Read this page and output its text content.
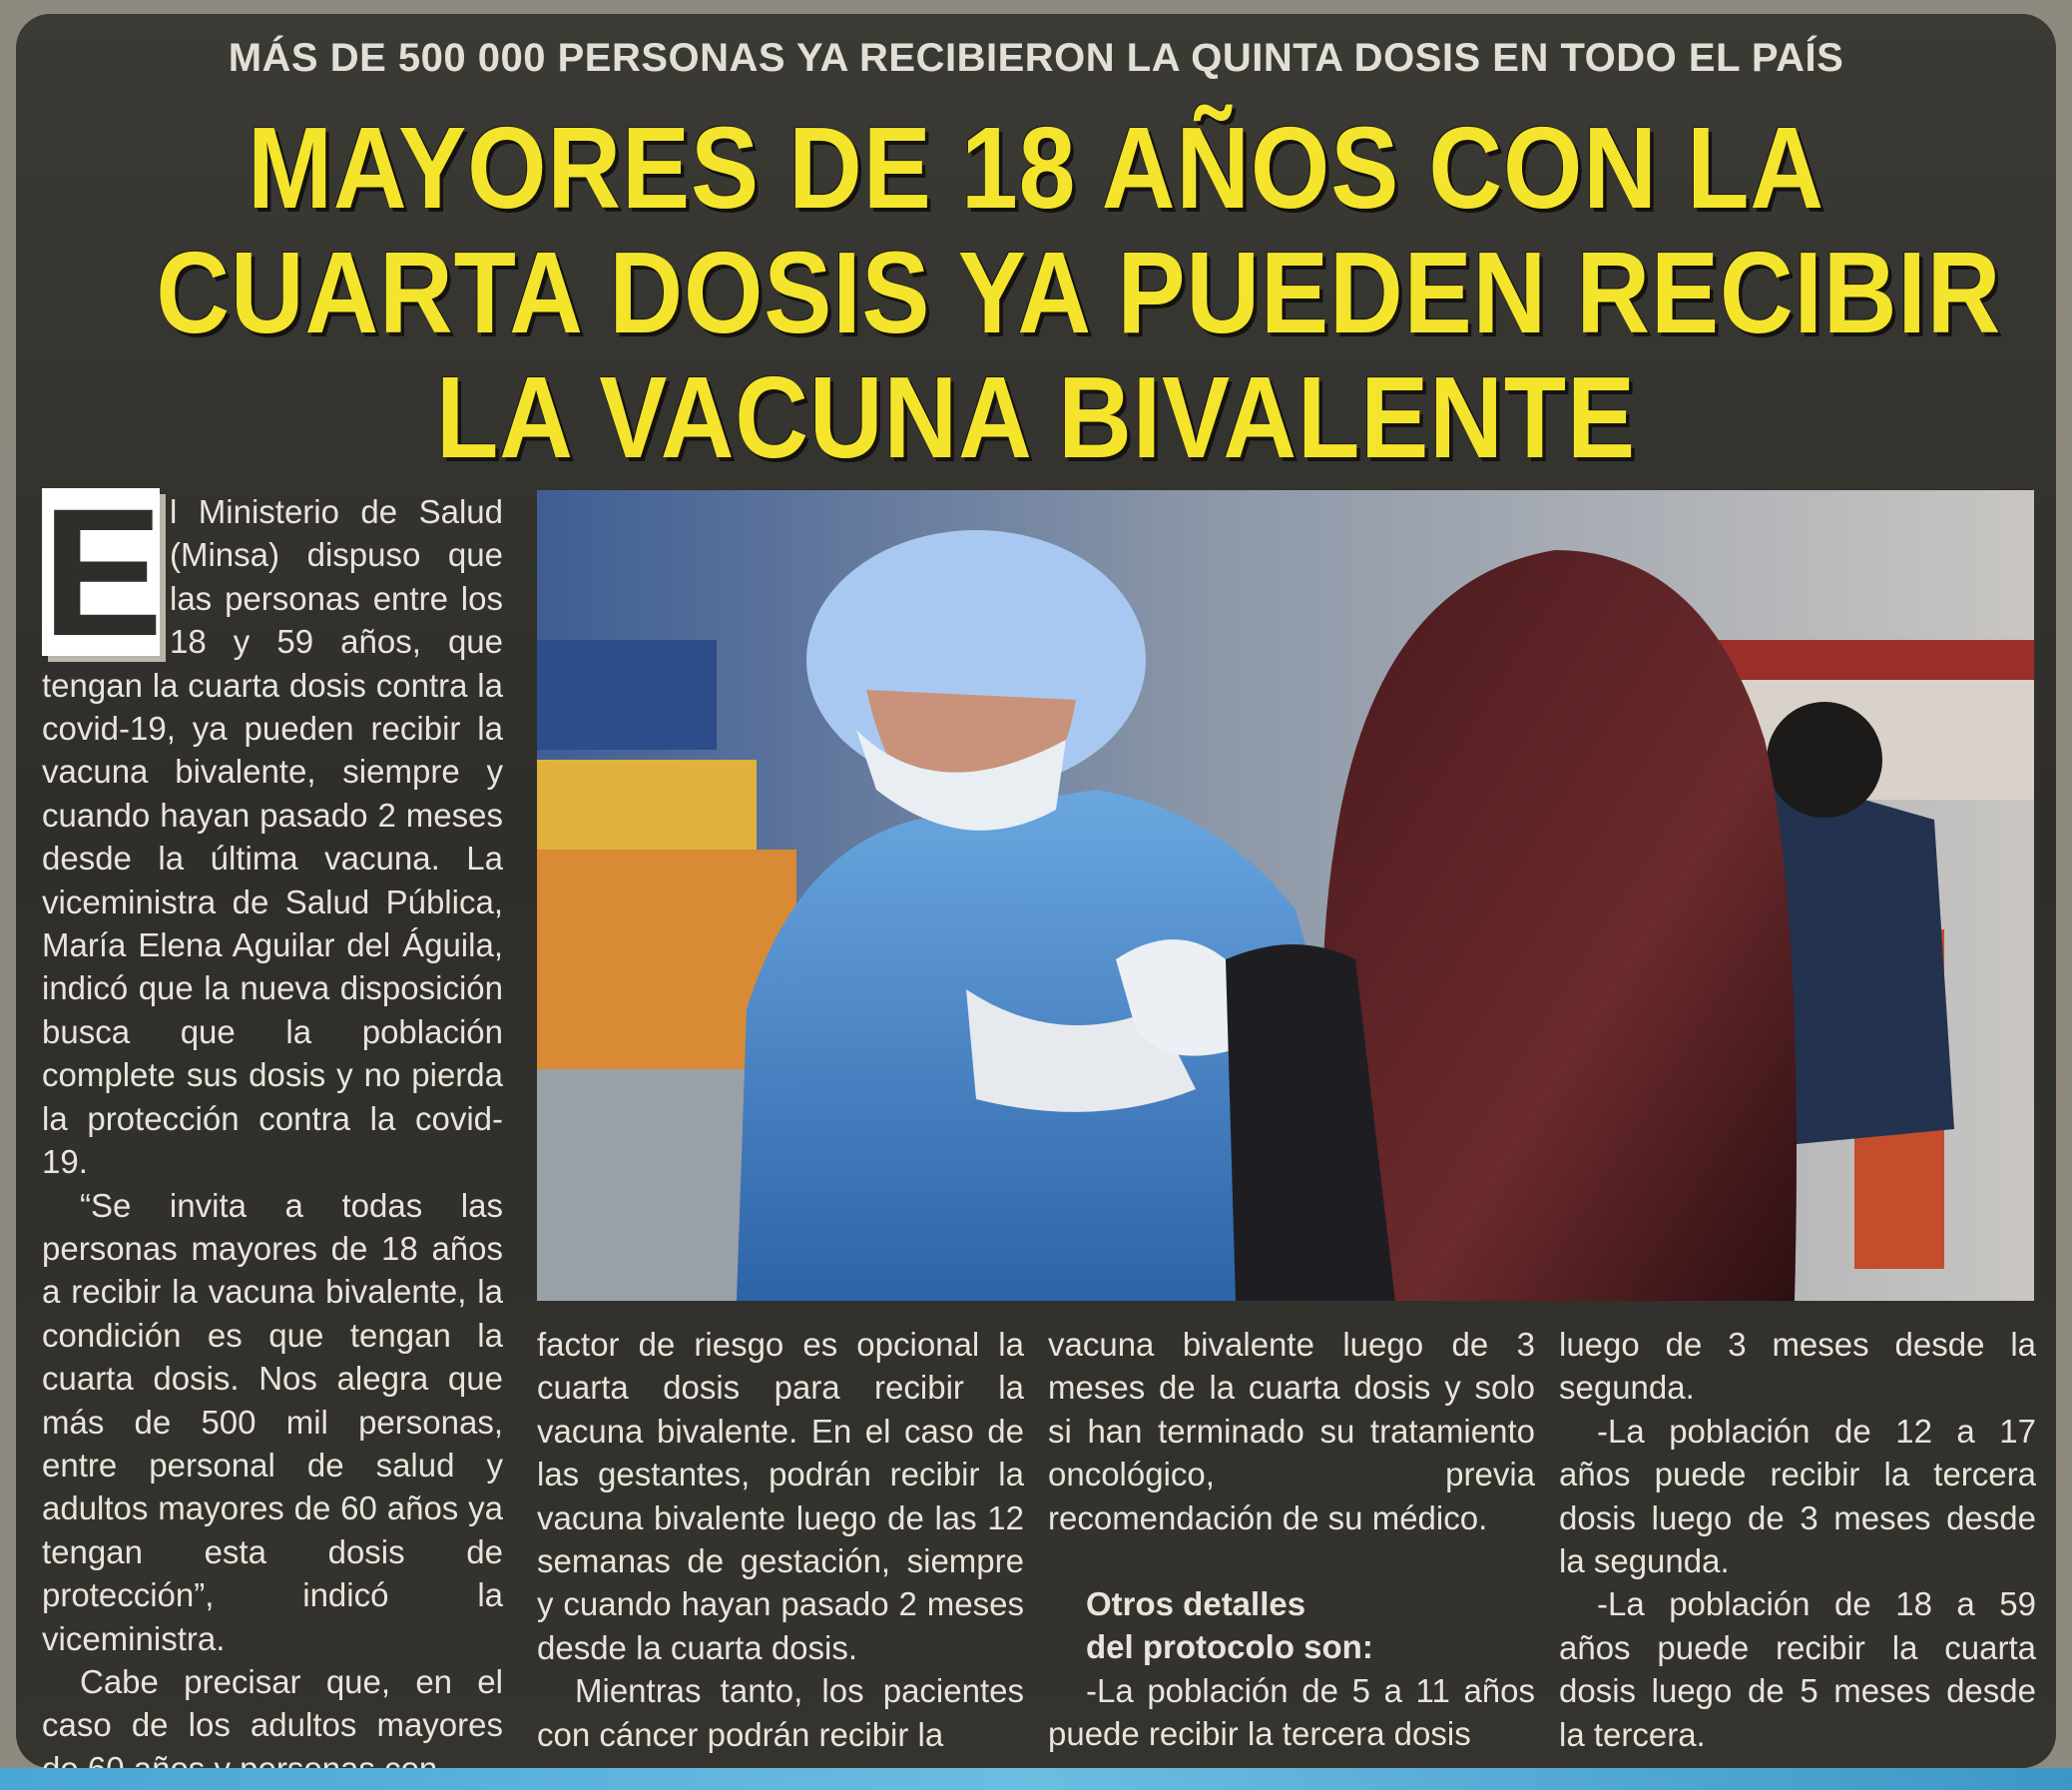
MÁS DE 500 000 PERSONAS YA RECIBIERON LA QUINTA DOSIS EN TODO EL PAÍS
MAYORES DE 18 AÑOS CON LA
CUARTA DOSIS YA PUEDEN RECIBIR
LA VACUNA BIVALENTE
E l Ministerio de Salud (Minsa) dispuso que las personas entre los 18 y 59 años, que tengan la cuarta dosis contra la covid-19, ya pueden recibir la vacuna bivalente, siempre y cuando hayan pasado 2 meses desde la última vacuna. La viceministra de Salud Pública, María Elena Aguilar del Águila, indicó que la nueva disposición busca que la población complete sus dosis y no pierda la protección contra la covid-19.

“Se invita a todas las personas mayores de 18 años a recibir la vacuna bivalente, la condición es que tengan la cuarta dosis. Nos alegra que más de 500 mil personas, entre personal de salud y adultos mayores de 60 años ya tengan esta dosis de protección”, indicó la viceministra.

Cabe precisar que, en el caso de los adultos mayores

factor de riesgo es opcional la cuarta dosis para recibir la vacuna bivalente. En el caso de las gestantes, podrán recibir la vacuna bivalente luego de las 12 semanas de gestación, siempre y cuando hayan pasado 2 meses desde la cuarta dosis.

Mientras tanto, los pacientes con cáncer podrán recibir la

vacuna bivalente luego de 3 meses de la cuarta dosis y solo si han terminado su tratamiento oncológico, previa recomendación de su médico.

Otros detalles

del protocolo son:

-La población de 5 a 11 años puede recibir la tercera dosis

luego de 3 meses desde la segunda.

-La población de 12 a 17 años puede recibir la tercera dosis luego de 3 meses desde la segunda.

-La población de 18 a 59 años puede recibir la cuarta dosis luego de 5 meses desde la tercera.
